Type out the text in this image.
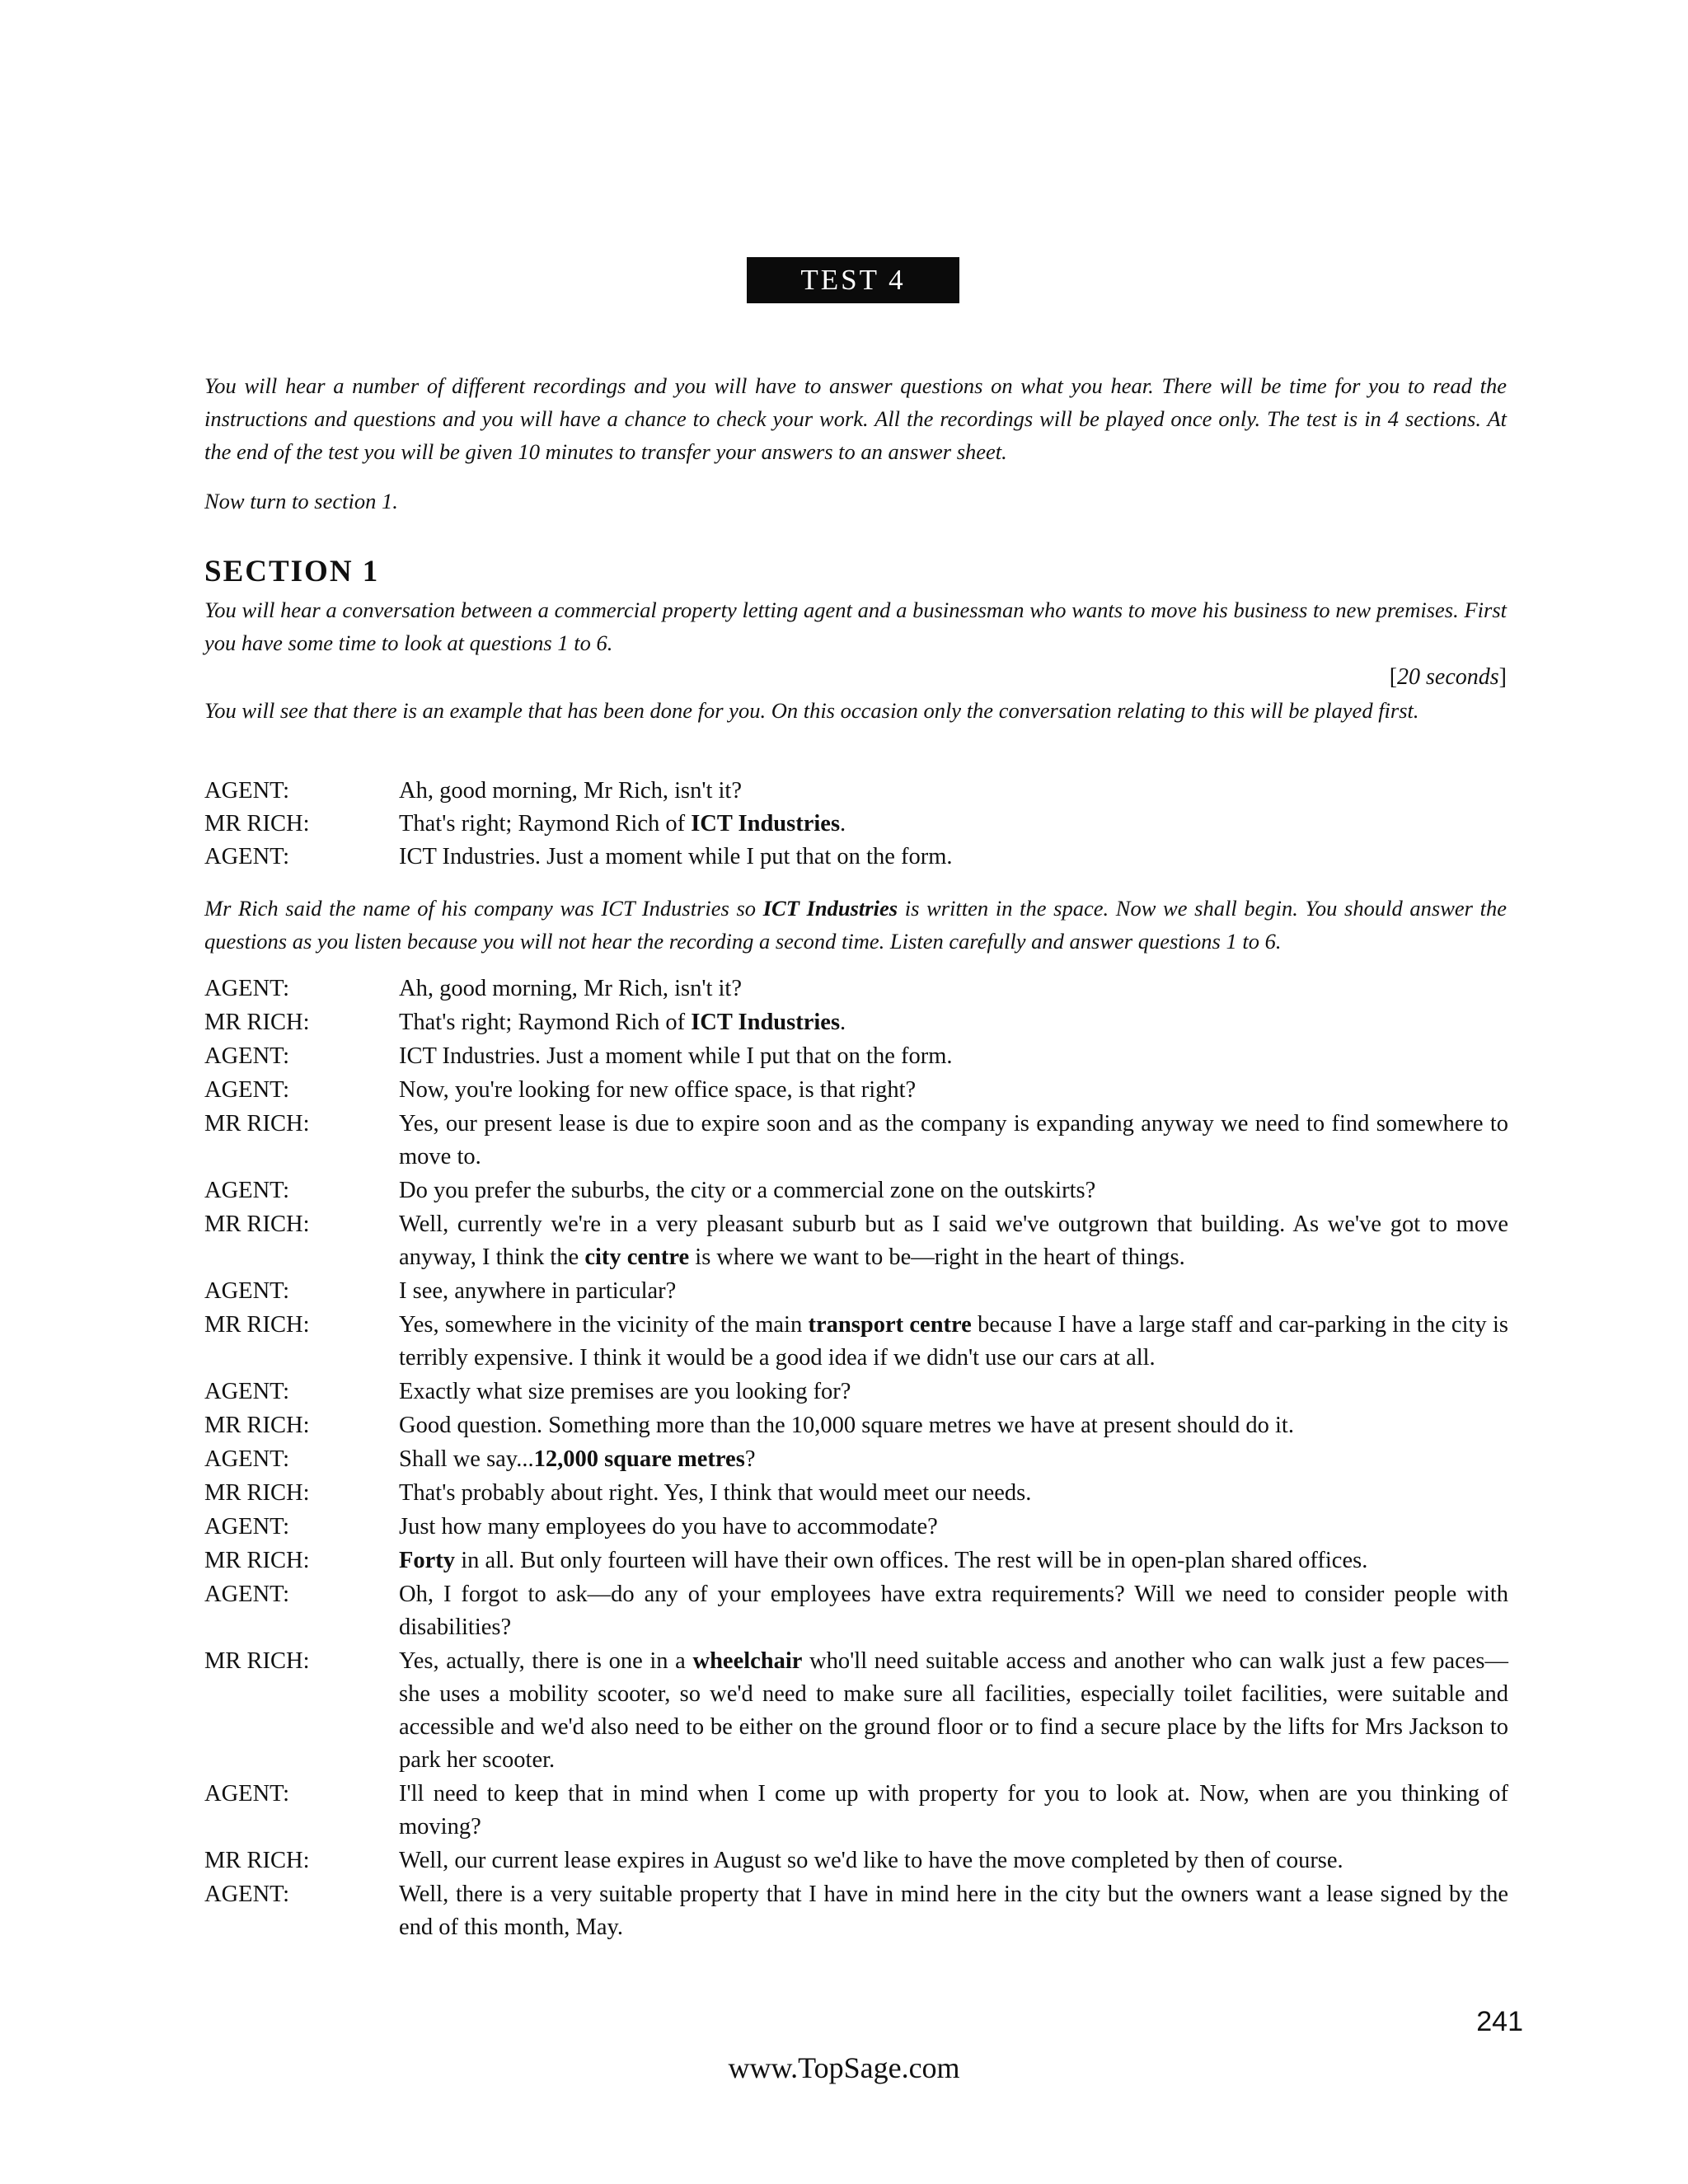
TEST 4
You will hear a number of different recordings and you will have to answer questions on what you hear. There will be time for you to read the instructions and questions and you will have a chance to check your work. All the recordings will be played once only. The test is in 4 sections. At the end of the test you will be given 10 minutes to transfer your answers to an answer sheet.
Now turn to section 1.
SECTION 1
You will hear a conversation between a commercial property letting agent and a businessman who wants to move his business to new premises. First you have some time to look at questions 1 to 6.
[20 seconds]
You will see that there is an example that has been done for you. On this occasion only the conversation relating to this will be played first.
AGENT:	Ah, good morning, Mr Rich, isn't it?
MR RICH:	That's right; Raymond Rich of ICT Industries.
AGENT:	ICT Industries. Just a moment while I put that on the form.
Mr Rich said the name of his company was ICT Industries so ICT Industries is written in the space. Now we shall begin. You should answer the questions as you listen because you will not hear the recording a second time. Listen carefully and answer questions 1 to 6.
AGENT:	Ah, good morning, Mr Rich, isn't it?
MR RICH:	That's right; Raymond Rich of ICT Industries.
AGENT:	ICT Industries. Just a moment while I put that on the form.
AGENT:	Now, you're looking for new office space, is that right?
MR RICH:	Yes, our present lease is due to expire soon and as the company is expanding anyway we need to find somewhere to move to.
AGENT:	Do you prefer the suburbs, the city or a commercial zone on the outskirts?
MR RICH:	Well, currently we're in a very pleasant suburb but as I said we've outgrown that building. As we've got to move anyway, I think the city centre is where we want to be—right in the heart of things.
AGENT:	I see, anywhere in particular?
MR RICH:	Yes, somewhere in the vicinity of the main transport centre because I have a large staff and car-parking in the city is terribly expensive. I think it would be a good idea if we didn't use our cars at all.
AGENT:	Exactly what size premises are you looking for?
MR RICH:	Good question. Something more than the 10,000 square metres we have at present should do it.
AGENT:	Shall we say...12,000 square metres?
MR RICH:	That's probably about right. Yes, I think that would meet our needs.
AGENT:	Just how many employees do you have to accommodate?
MR RICH:	Forty in all. But only fourteen will have their own offices. The rest will be in open-plan shared offices.
AGENT:	Oh, I forgot to ask—do any of your employees have extra requirements? Will we need to consider people with disabilities?
MR RICH:	Yes, actually, there is one in a wheelchair who'll need suitable access and another who can walk just a few paces—she uses a mobility scooter, so we'd need to make sure all facilities, especially toilet facilities, were suitable and accessible and we'd also need to be either on the ground floor or to find a secure place by the lifts for Mrs Jackson to park her scooter.
AGENT:	I'll need to keep that in mind when I come up with property for you to look at. Now, when are you thinking of moving?
MR RICH:	Well, our current lease expires in August so we'd like to have the move completed by then of course.
AGENT:	Well, there is a very suitable property that I have in mind here in the city but the owners want a lease signed by the end of this month, May.
241
www.TopSage.com
